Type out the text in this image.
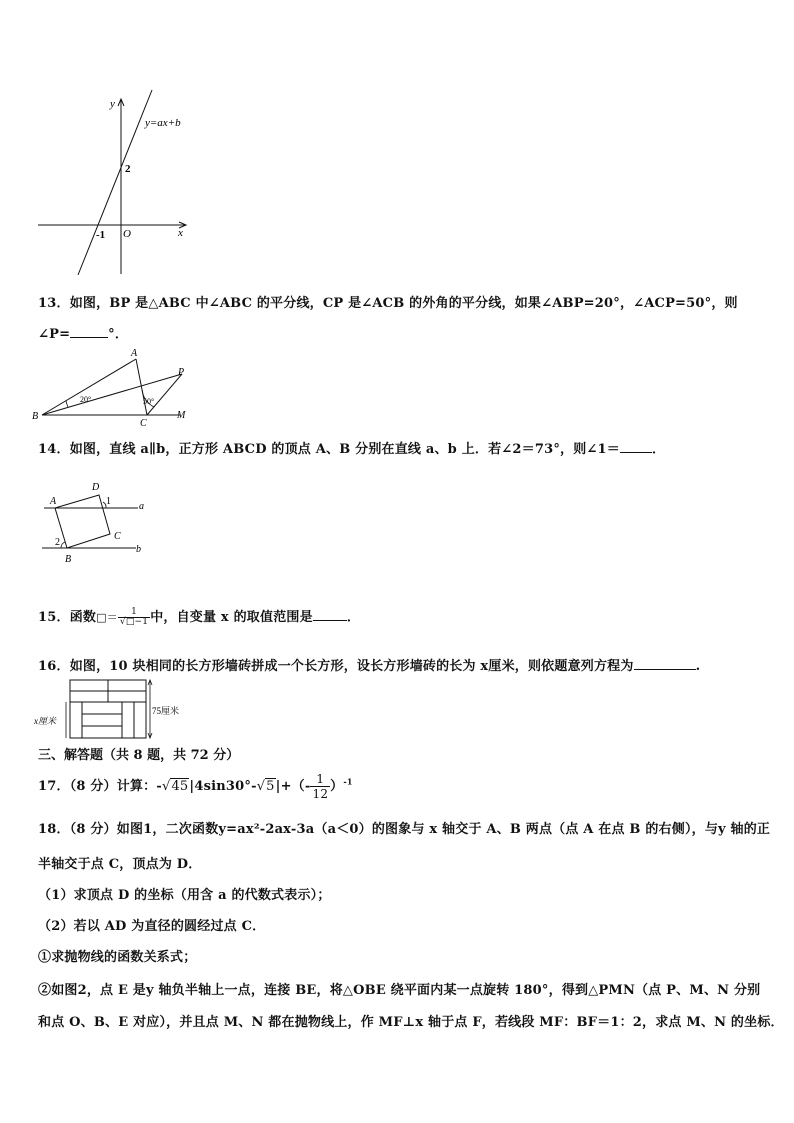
y
x
O
y=ax+b
2
-1
13．如图，BP 是△ABC 中∠ABC 的平分线，CP 是∠ACB 的外角的平分线，如果∠ABP=20°，∠ACP=50°，则
∠P=	°．
A
B
C
P
M
20°	50°
14．如图，直线 a∥b，正方形 ABCD 的顶点 A、B 分别在直线 a、b 上．若∠2＝73°，则∠1＝ ．
A
D
1	a
C
2
b
B
15．函数□＝ $\frac{1}{√□-1}$ 中，自变量 x 的取值范围是	．
16．如图，10 块相同的长方形墙砖拼成一个长方形，设长方形墙砖的长为 x厘米，则依题意列方程为	.
75厘米
x厘米
三、解答题（共 8 题，共 72 分）
17．（8 分）计算：$-√45|4\sin 30^\circ-√5|+(- \frac{1}{12} )^{-1}$
18．（8 分）如图1，二次函数y=ax²-2ax-3a（a＜0）的图象与 x 轴交于 A、B 两点（点 A 在点 B 的右侧），与y 轴的正
半轴交于点 C，顶点为 D．
（1）求顶点 D 的坐标（用含 a 的代数式表示）；
（2）若以 AD 为直径的圆经过点 C．
①求抛物线的函数关系式；
②如图2，点 E 是y 轴负半轴上一点，连接 BE，将△OBE 绕平面内某一点旋转 180°，得到△PMN（点 P、M、N 分别
和点 O、B、E 对应），并且点 M、N 都在抛物线上，作 MF⊥x 轴于点 F，若线段 MF：BF＝1：2，求点 M、N 的坐标．
